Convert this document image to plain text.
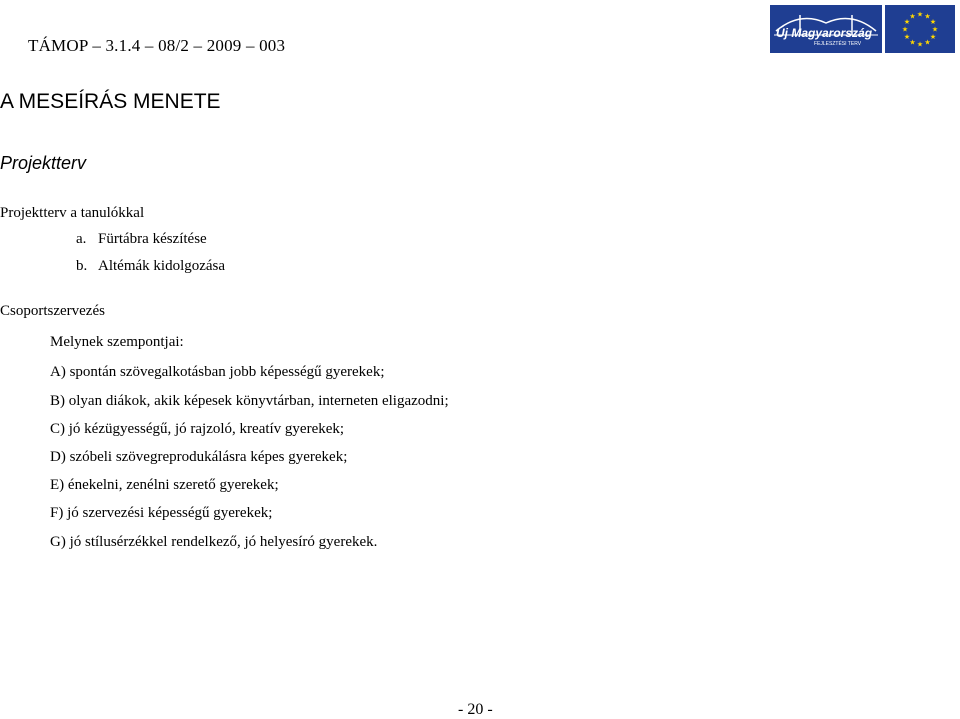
TÁMOP – 3.1.4 – 08/2 – 2009 – 003
Új Magyarország
FEJLESZTÉSI TERV
★ ★
★
★
★
★
★
★
★
★
★
★
A MESEÍRÁS MENETE
Projektterv
Projektterv a tanulókkal
a. Fürtábra készítése
b. Altémák kidolgozása
Csoportszervezés
Melynek szempontjai:
A) spontán szövegalkotásban jobb képességű gyerekek;
B) olyan diákok, akik képesek könyvtárban, interneten eligazodni;
C) jó kézügyességű, jó rajzoló, kreatív gyerekek;
D) szóbeli szövegreprodukálásra képes gyerekek;
E) énekelni, zenélni szerető gyerekek;
F) jó szervezési képességű gyerekek;
G) jó stílusérzékkel rendelkező, jó helyesíró gyerekek.
- 20 -
